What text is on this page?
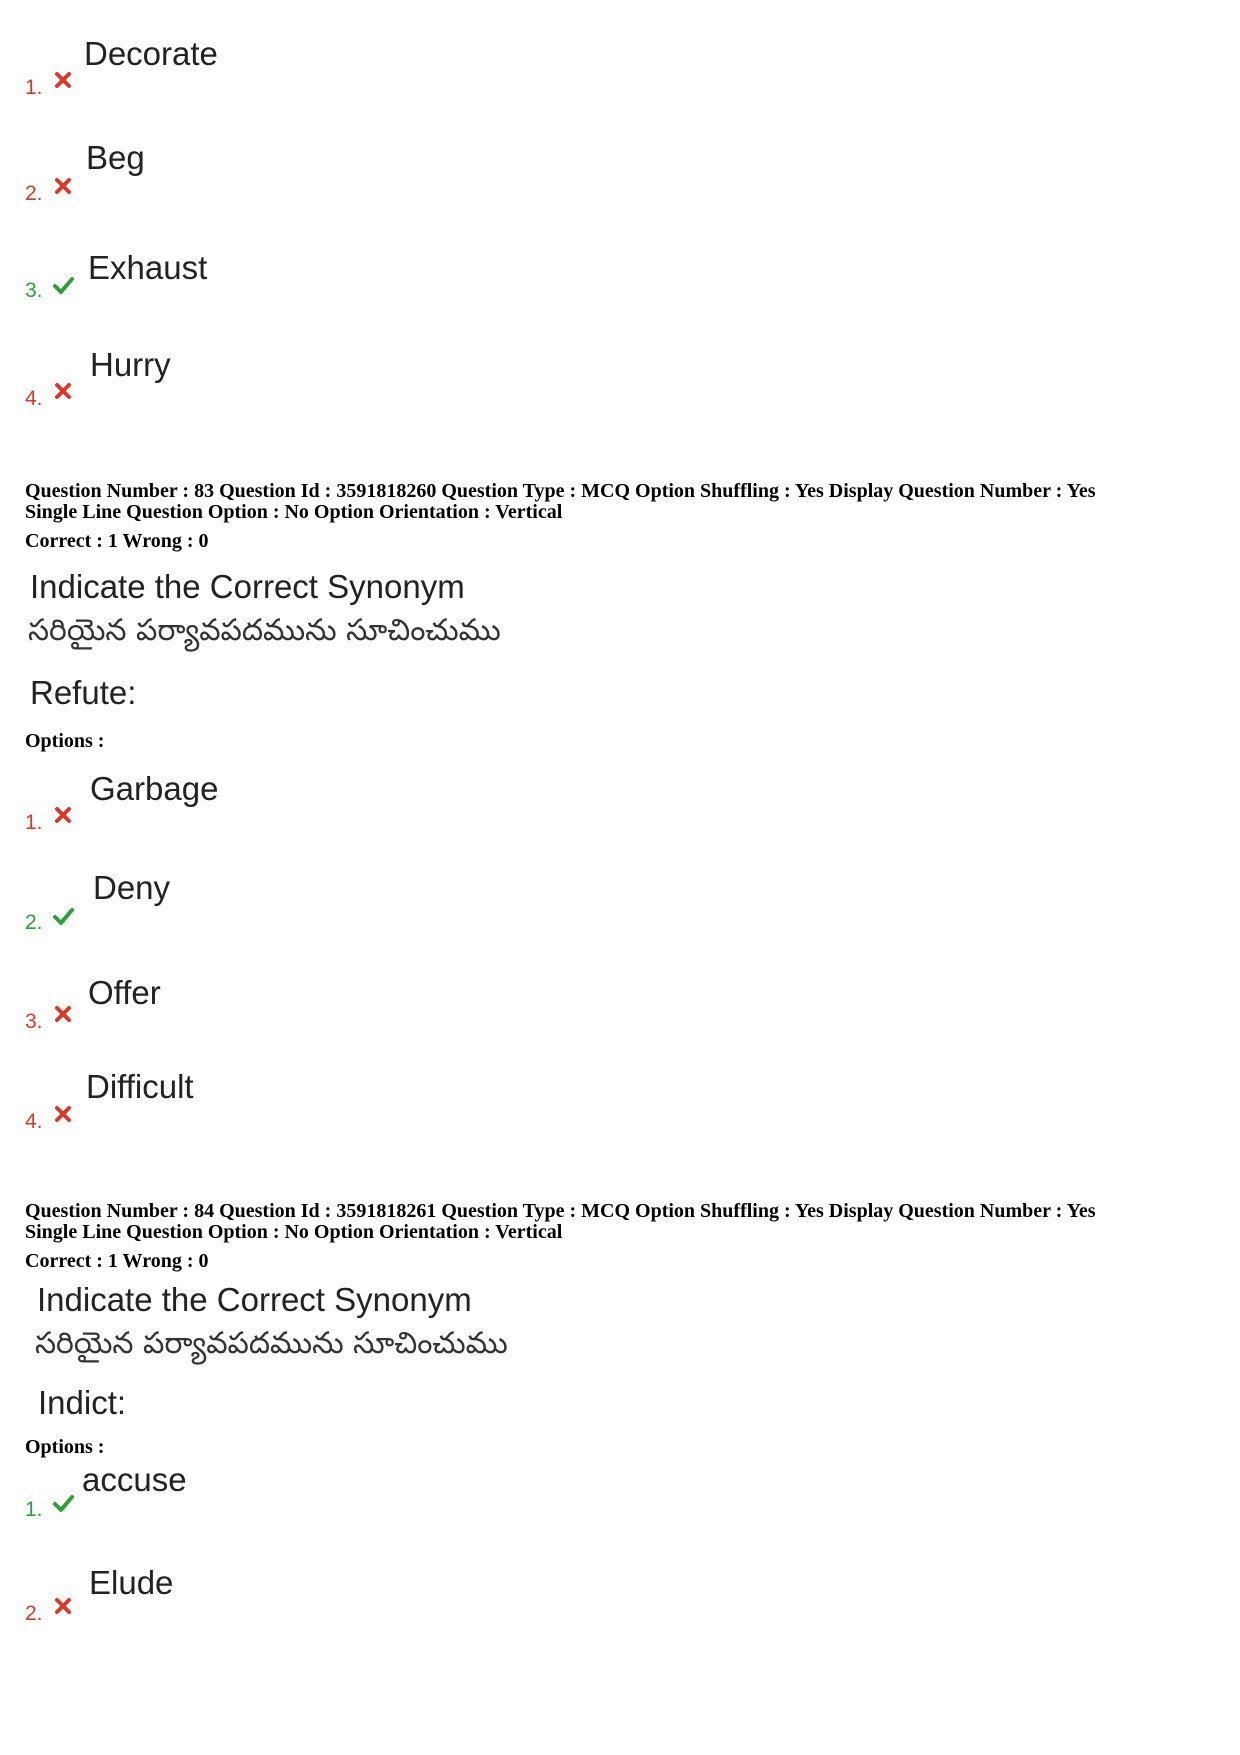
1.
Decorate
2.
Beg
3.
Exhaust
4.
Hurry
Question Number : 83 Question Id : 3591818260 Question Type : MCQ Option Shuffling : Yes Display Question Number : Yes
Single Line Question Option : No Option Orientation : Vertical
Correct : 1 Wrong : 0
Indicate the Correct Synonym
సరియైన పర్యావపదమును సూచించుము
Refute:
Options :
1.
Garbage
2.
Deny
3.
Offer
4.
Difficult
Question Number : 84 Question Id : 3591818261 Question Type : MCQ Option Shuffling : Yes Display Question Number : Yes
Single Line Question Option : No Option Orientation : Vertical
Correct : 1 Wrong : 0
Indicate the Correct Synonym
సరియైన పర్యావపదమును సూచించుము
Indict:
Options :
1.
accuse
2.
Elude
